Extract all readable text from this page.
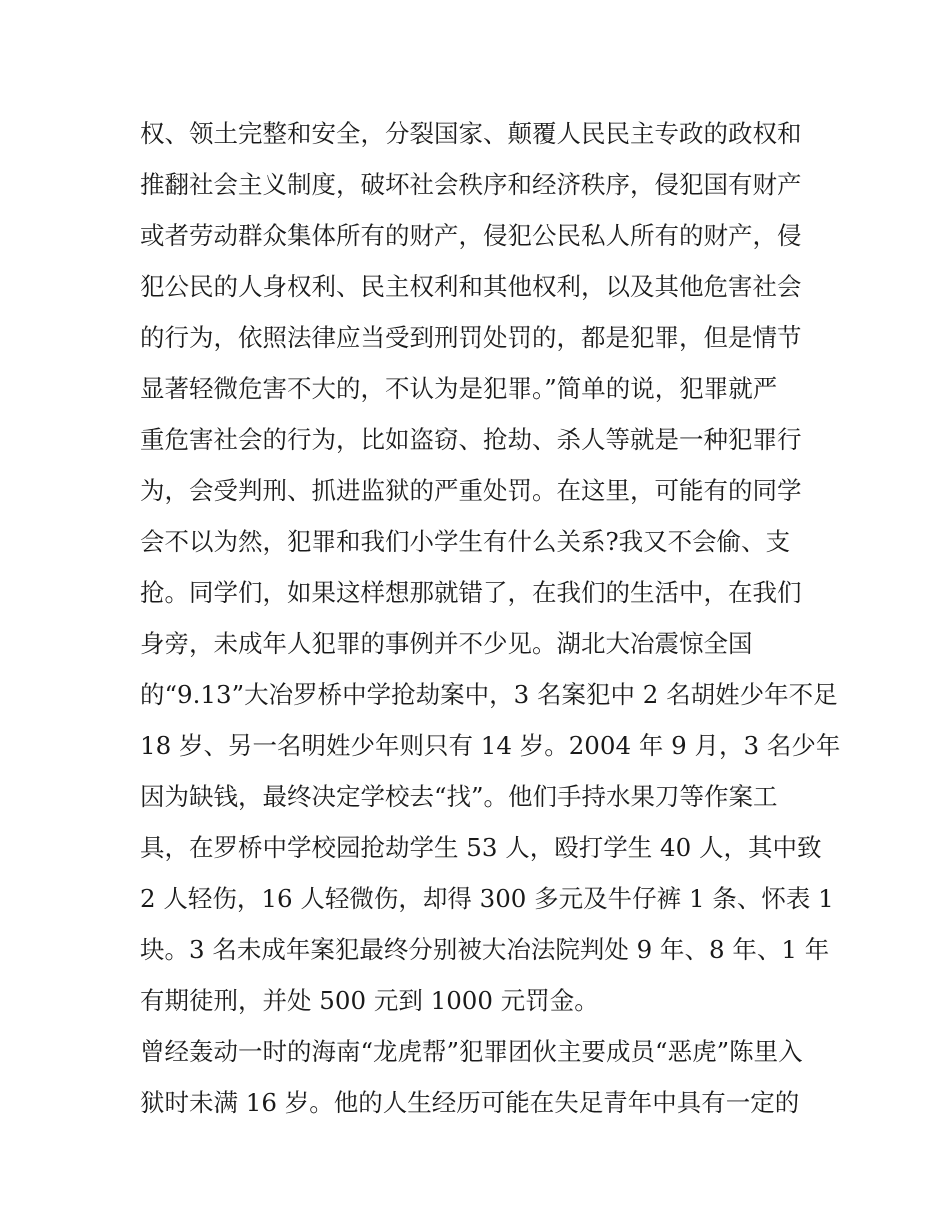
权、领土完整和安全，分裂国家、颠覆人民民主专政的政权和
推翻社会主义制度，破坏社会秩序和经济秩序，侵犯国有财产
或者劳动群众集体所有的财产，侵犯公民私人所有的财产，侵
犯公民的人身权利、民主权利和其他权利，以及其他危害社会
的行为，依照法律应当受到刑罚处罚的，都是犯罪，但是情节
显著轻微危害不大的，不认为是犯罪。”简单的说，犯罪就严
重危害社会的行为，比如盗窃、抢劫、杀人等就是一种犯罪行
为，会受判刑、抓进监狱的严重处罚。在这里，可能有的同学
会不以为然，犯罪和我们小学生有什么关系?我又不会偷、支
抢。同学们，如果这样想那就错了，在我们的生活中，在我们
身旁，未成年人犯罪的事例并不少见。湖北大冶震惊全国
的“9.13”大冶罗桥中学抢劫案中，3 名案犯中 2 名胡姓少年不足
18 岁、另一名明姓少年则只有 14 岁。2004 年 9 月，3 名少年
因为缺钱，最终决定学校去“找”。他们手持水果刀等作案工
具，在罗桥中学校园抢劫学生 53 人，殴打学生 40 人，其中致
2 人轻伤，16 人轻微伤，却得 300 多元及牛仔裤 1 条、怀表 1
块。3 名未成年案犯最终分别被大冶法院判处 9 年、8 年、1 年
有期徒刑，并处 500 元到 1000 元罚金。
曾经轰动一时的海南“龙虎帮”犯罪团伙主要成员“恶虎”陈里入
狱时未满 16 岁。他的人生经历可能在失足青年中具有一定的
